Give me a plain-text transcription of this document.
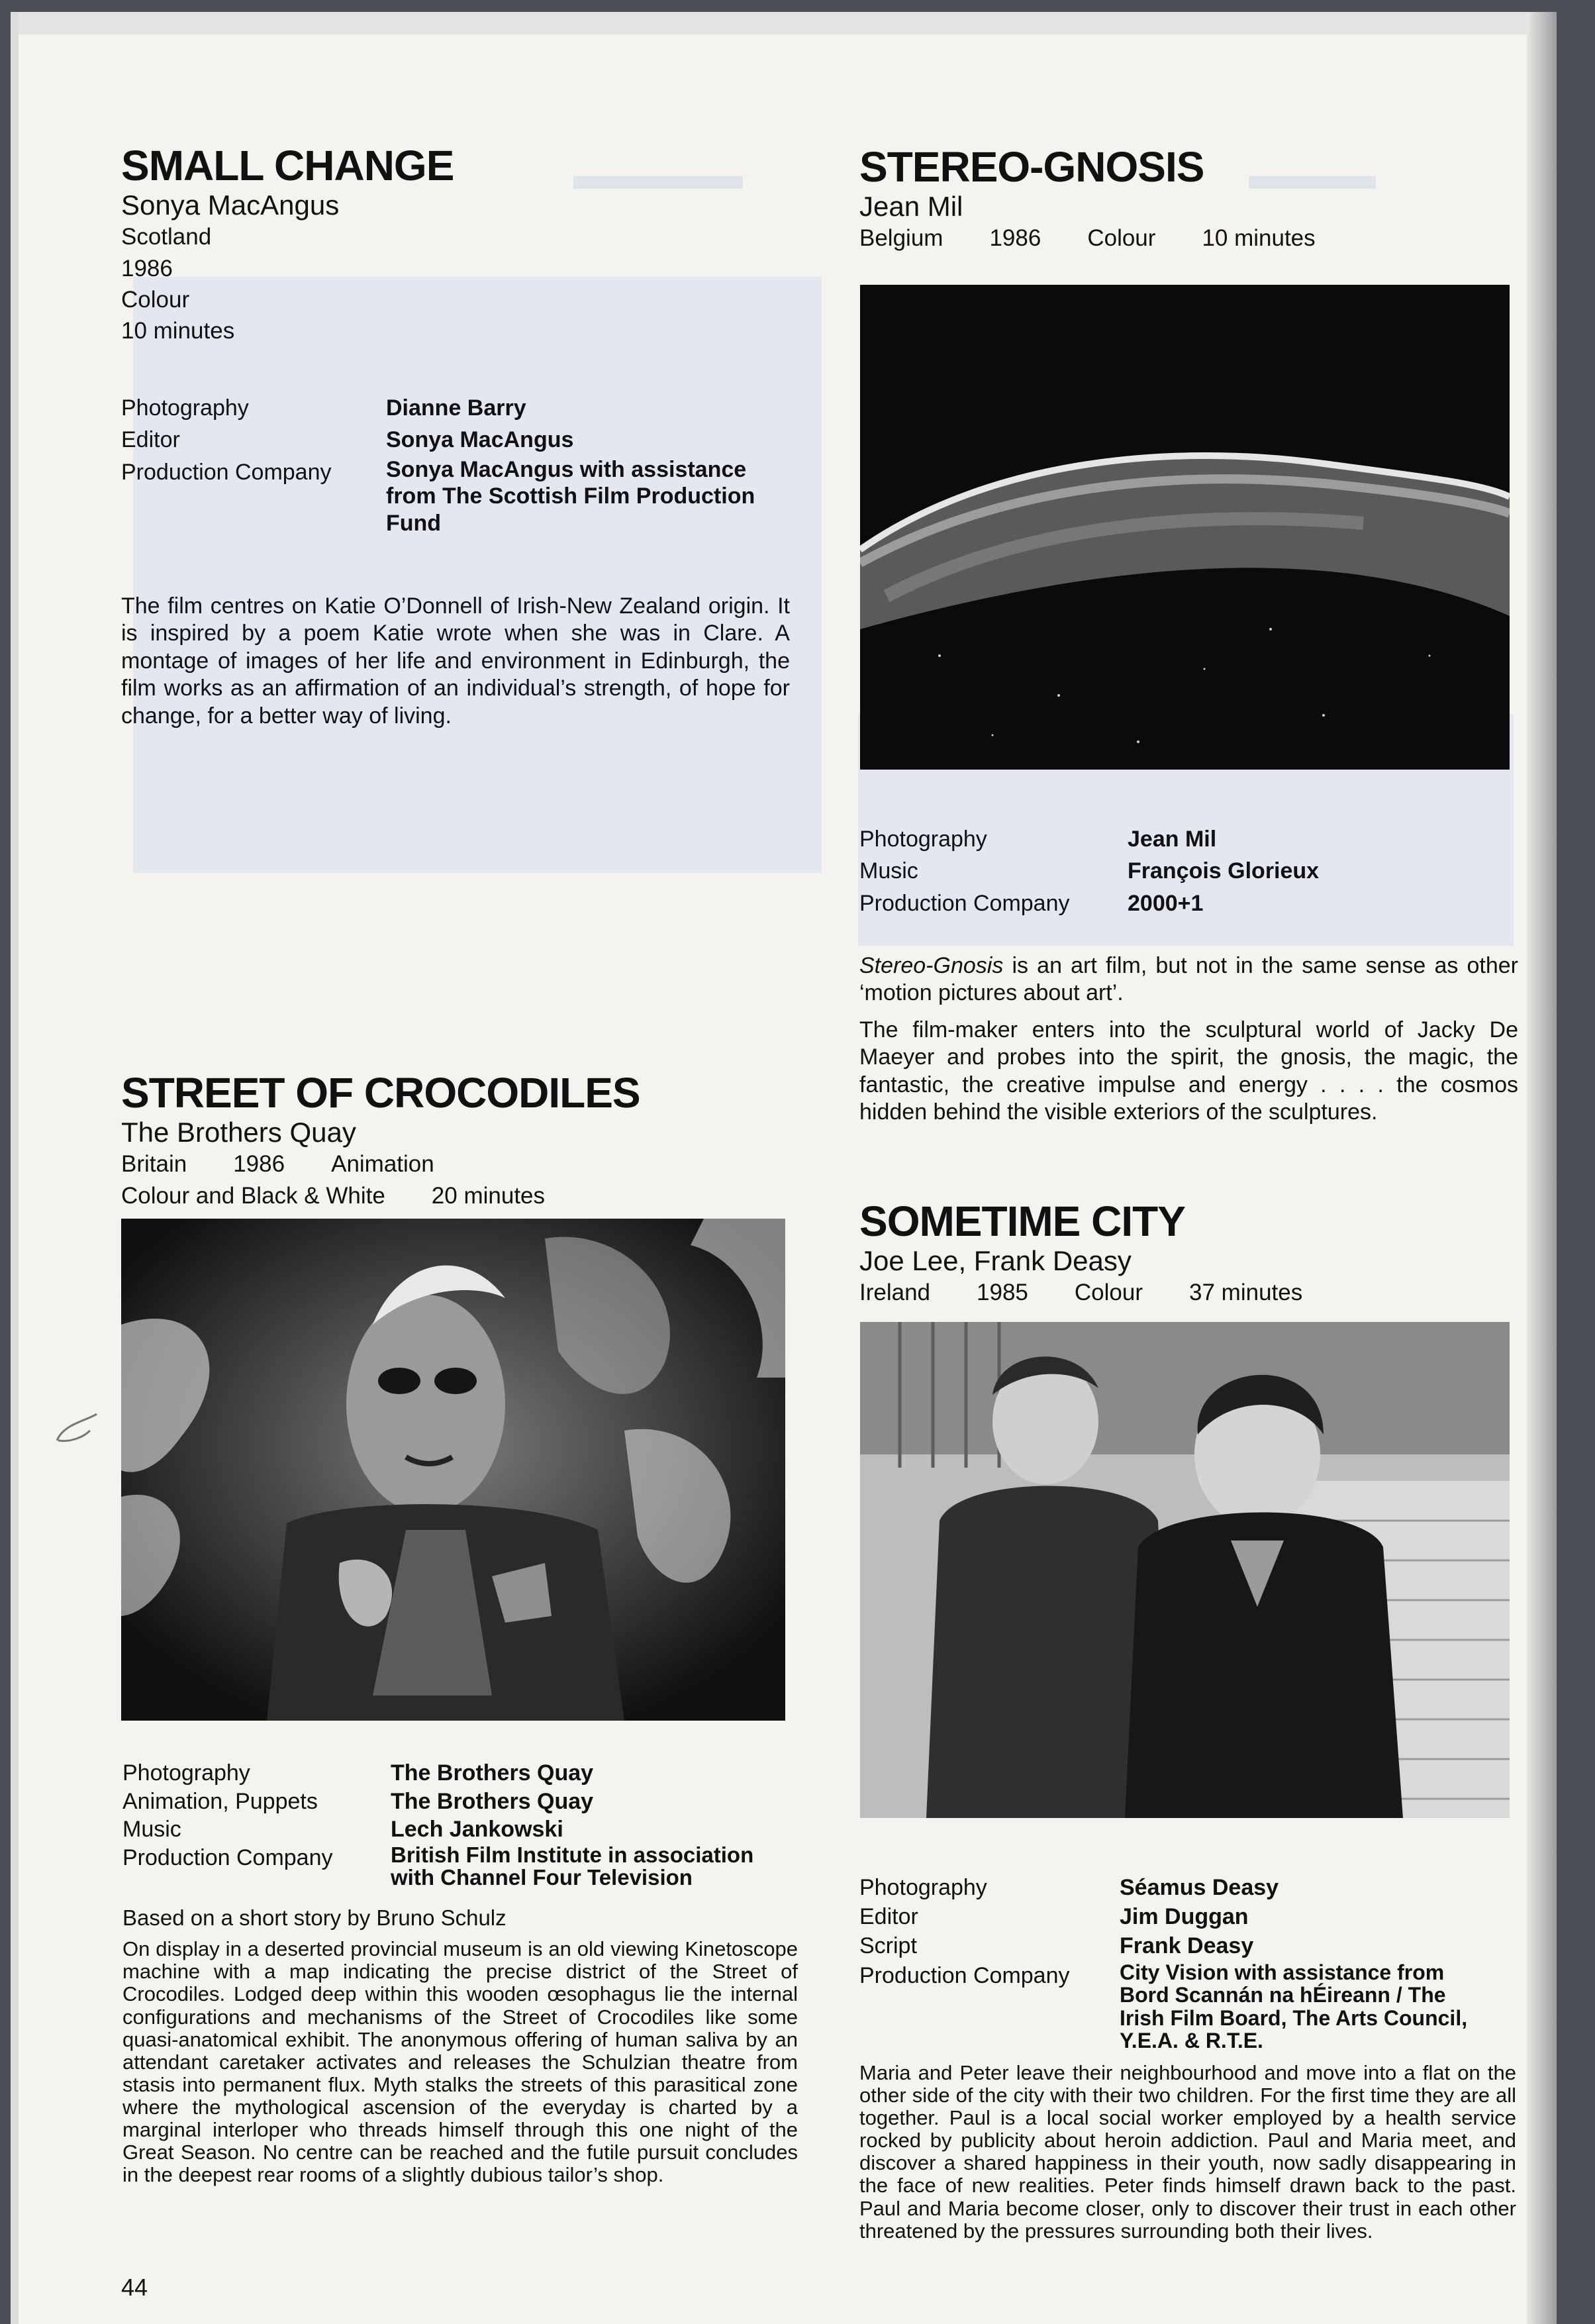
▬▬▬▬	▬▬▬
SMALL CHANGE
Sonya MacAngus
Scotland
1986
Colour
10 minutes
Photography	Dianne Barry
Editor	Sonya MacAngus
Production Company	Sonya MacAngus with assistance from The Scottish Film Production Fund

The film centres on Katie O’Donnell of Irish-New Zealand origin. It is inspired by a poem Katie wrote when she was in Clare. A montage of images of her life and environment in Edinburgh, the film works as an affirmation of an individual’s strength, of hope for change, for a better way of living.

STREET OF CROCODILES
The Brothers Quay
Britain 1986 Animation
Colour and Black & White 20 minutes
Photography	The Brothers Quay
Animation, Puppets	The Brothers Quay
Music	Lech Jankowski
Production Company	British Film Institute in association with Channel Four Television

Based on a short story by Bruno Schulz

On display in a deserted provincial museum is an old viewing Kinetoscope machine with a map indicating the precise district of the Street of Crocodiles. Lodged deep within this wooden œsophagus lie the internal configurations and mechanisms of the Street of Crocodiles like some quasi-anatomical exhibit. The anonymous offering of human saliva by an attendant caretaker activates and releases the Schulzian theatre from stasis into permanent flux. Myth stalks the streets of this parasitical zone where the mythological ascension of the everyday is charted by a marginal interloper who threads himself through this one night of the Great Season. No centre can be reached and the futile pursuit concludes in the deepest rear rooms of a slightly dubious tailor’s shop.

STEREO-GNOSIS
Jean Mil
Belgium 1986 Colour 10 minutes
Photography	Jean Mil
Music	François Glorieux
Production Company	2000+1

Stereo-Gnosis is an art film, but not in the same sense as other ‘motion pictures about art’.

The film-maker enters into the sculptural world of Jacky De Maeyer and probes into the spirit, the gnosis, the magic, the fantastic, the creative impulse and energy . . . . the cosmos hidden behind the visible exteriors of the sculptures.

SOMETIME CITY
Joe Lee, Frank Deasy
Ireland 1985 Colour 37 minutes
Photography	Séamus Deasy
Editor	Jim Duggan
Script	Frank Deasy
Production Company	City Vision with assistance from Bord Scannán na hÉireann / The Irish Film Board, The Arts Council, Y.E.A. & R.T.E.

Maria and Peter leave their neighbourhood and move into a flat on the other side of the city with their two children. For the first time they are all together. Paul is a local social worker employed by a health service rocked by publicity about heroin addiction. Paul and Maria meet, and discover a shared happiness in their youth, now sadly disappearing in the face of new realities. Peter finds himself drawn back to the past. Paul and Maria become closer, only to discover their trust in each other threatened by the pressures surrounding both their lives.

44
